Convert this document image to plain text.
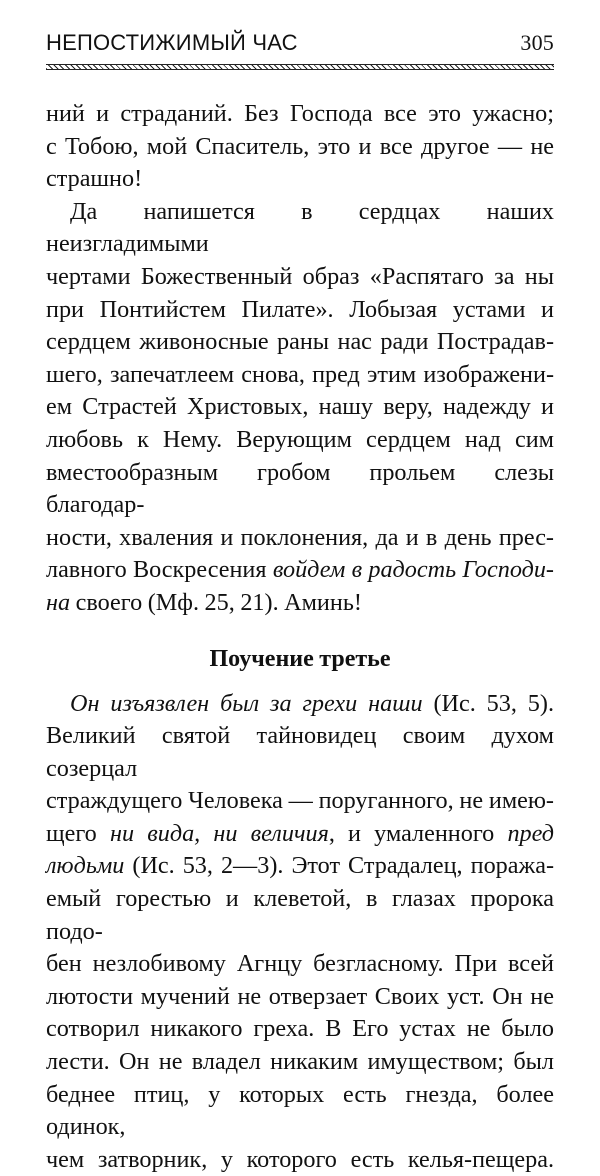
НЕПОСТИЖИМЫЙ ЧАС	305

ний и страданий. Без Господа все это ужасно;
с Тобою, мой Спаситель, это и все другое — не
страшно!

Да напишется в сердцах наших неизгладимыми
чертами Божественный образ «Распятаго за ны
при Понтийстем Пилате». Лобызая устами и
сердцем живоносные раны нас ради Пострадав-
шего, запечатлеем снова, пред этим изображени-
ем Страстей Христовых, нашу веру, надежду и
любовь к Нему. Верующим сердцем над сим
вместообразным гробом прольем слезы благодар-
ности, хваления и поклонения, да и в день прес-
лавного Воскресения войдем в радость Господи-
на своего (Мф. 25, 21). Аминь!

Поучение третье

Он изъязвлен был за грехи наши (Ис. 53, 5).
Великий святой тайновидец своим духом созерцал
страждущего Человека — поруганного, не имею-
щего ни вида, ни величия, и умаленного пред
людьми (Ис. 53, 2—3). Этот Страдалец, поража-
емый горестью и клеветой, в глазах пророка подо-
бен незлобивому Агнцу безгласному. При всей
лютости мучений не отверзает Своих уст. Он не
сотворил никакого греха. В Его устах не было
лести. Он не владел никаким имуществом; был
беднее птиц, у которых есть гнезда, более одинок,
чем затворник, у которого есть келья-пещера.
